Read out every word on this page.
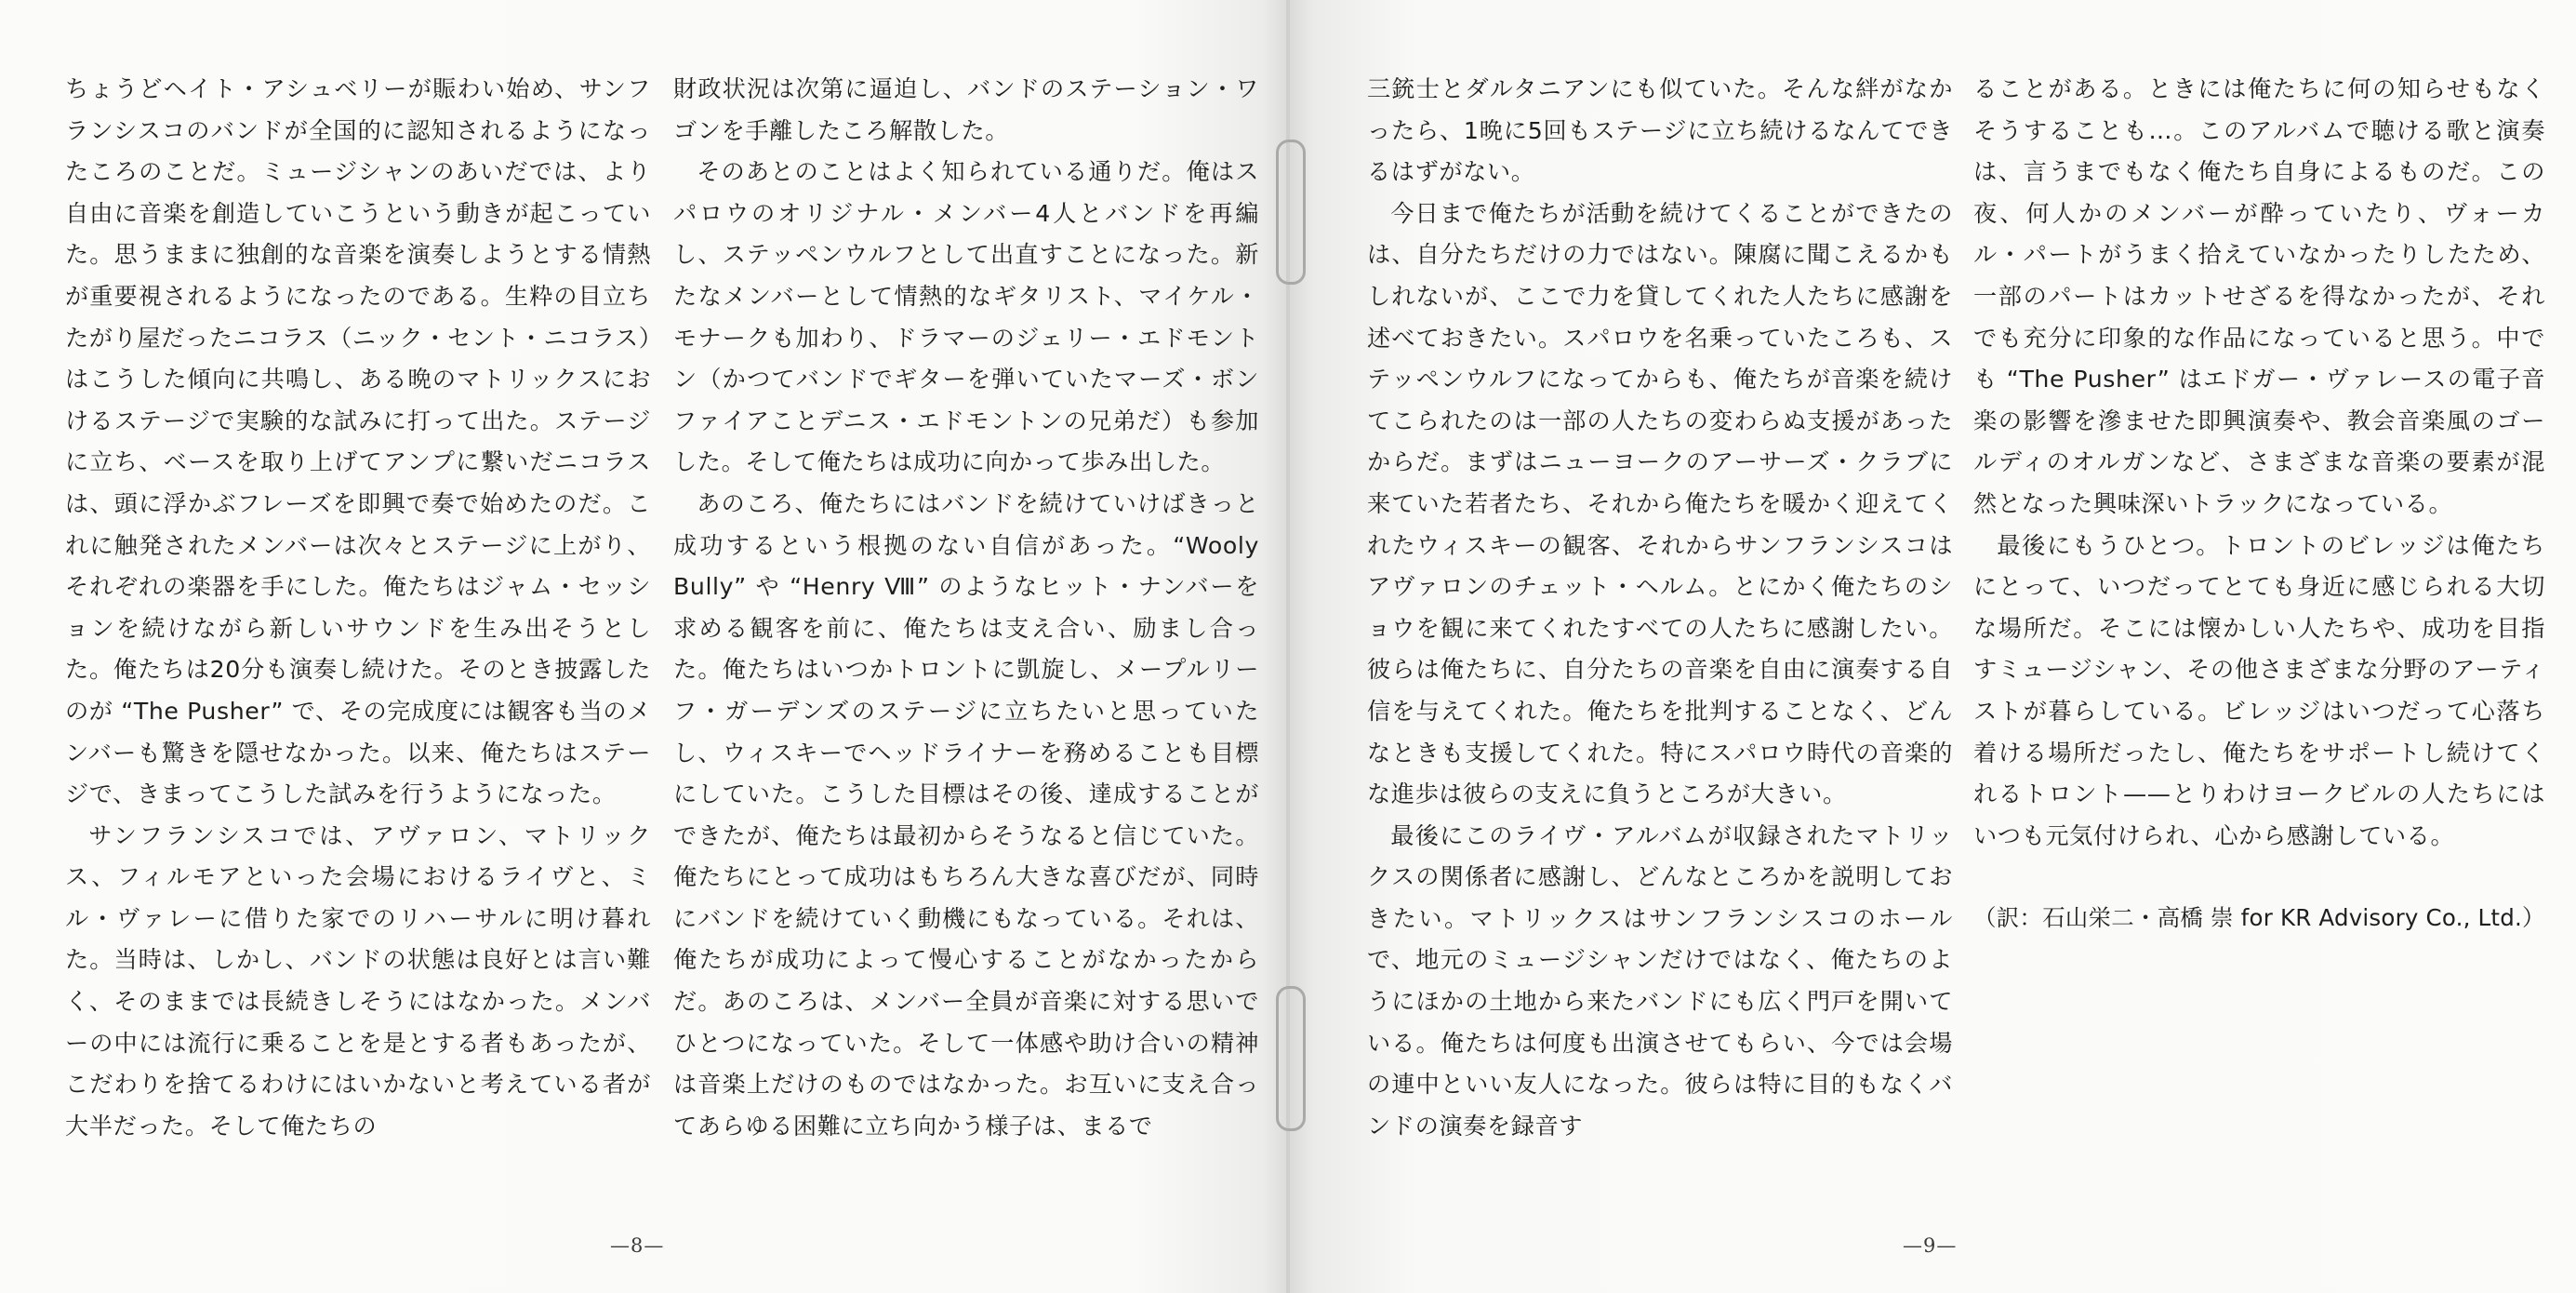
ちょうどヘイト・アシュベリーが賑わい始め、サンフランシスコのバンドが全国的に認知されるようになったころのことだ。ミュージシャンのあいだでは、より自由に音楽を創造していこうという動きが起こっていた。思うままに独創的な音楽を演奏しようとする情熱が重要視されるようになったのである。生粋の目立ちたがり屋だったニコラス（ニック・セント・ニコラス）はこうした傾向に共鳴し、ある晩のマトリックスにおけるステージで実験的な試みに打って出た。ステージに立ち、ベースを取り上げてアンプに繋いだニコラスは、頭に浮かぶフレーズを即興で奏で始めたのだ。これに触発されたメンバーは次々とステージに上がり、それぞれの楽器を手にした。俺たちはジャム・セッションを続けながら新しいサウンドを生み出そうとした。俺たちは20分も演奏し続けた。そのとき披露したのが “The Pusher” で、その完成度には観客も当のメンバーも驚きを隠せなかった。以来、俺たちはステージで、きまってこうした試みを行うようになった。

サンフランシスコでは、アヴァロン、マトリックス、フィルモアといった会場におけるライヴと、ミル・ヴァレーに借りた家でのリハーサルに明け暮れた。当時は、しかし、バンドの状態は良好とは言い難く、そのままでは長続きしそうにはなかった。メンバーの中には流行に乗ることを是とする者もあったが、こだわりを捨てるわけにはいかないと考えている者が大半だった。そして俺たちの

財政状況は次第に逼迫し、バンドのステーション・ワゴンを手離したころ解散した。

そのあとのことはよく知られている通りだ。俺はスパロウのオリジナル・メンバー4人とバンドを再編し、ステッペンウルフとして出直すことになった。新たなメンバーとして情熱的なギタリスト、マイケル・モナークも加わり、ドラマーのジェリー・エドモントン（かつてバンドでギターを弾いていたマーズ・ボンファイアことデニス・エドモントンの兄弟だ）も参加した。そして俺たちは成功に向かって歩み出した。

あのころ、俺たちにはバンドを続けていけばきっと成功するという根拠のない自信があった。“Wooly Bully” や “Henry Ⅷ” のようなヒット・ナンバーを求める観客を前に、俺たちは支え合い、励まし合った。俺たちはいつかトロントに凱旋し、メープルリーフ・ガーデンズのステージに立ちたいと思っていたし、ウィスキーでヘッドライナーを務めることも目標にしていた。こうした目標はその後、達成することができたが、俺たちは最初からそうなると信じていた。俺たちにとって成功はもちろん大きな喜びだが、同時にバンドを続けていく動機にもなっている。それは、俺たちが成功によって慢心することがなかったからだ。あのころは、メンバー全員が音楽に対する思いでひとつになっていた。そして一体感や助け合いの精神は音楽上だけのものではなかった。お互いに支え合ってあらゆる困難に立ち向かう様子は、まるで

—8—

三銃士とダルタニアンにも似ていた。そんな絆がなかったら、1晩に5回もステージに立ち続けるなんてできるはずがない。

今日まで俺たちが活動を続けてくることができたのは、自分たちだけの力ではない。陳腐に聞こえるかもしれないが、ここで力を貸してくれた人たちに感謝を述べておきたい。スパロウを名乗っていたころも、ステッペンウルフになってからも、俺たちが音楽を続けてこられたのは一部の人たちの変わらぬ支援があったからだ。まずはニューヨークのアーサーズ・クラブに来ていた若者たち、それから俺たちを暖かく迎えてくれたウィスキーの観客、それからサンフランシスコはアヴァロンのチェット・ヘルム。とにかく俺たちのショウを観に来てくれたすべての人たちに感謝したい。彼らは俺たちに、自分たちの音楽を自由に演奏する自信を与えてくれた。俺たちを批判することなく、どんなときも支援してくれた。特にスパロウ時代の音楽的な進歩は彼らの支えに負うところが大きい。

最後にこのライヴ・アルバムが収録されたマトリックスの関係者に感謝し、どんなところかを説明しておきたい。マトリックスはサンフランシスコのホールで、地元のミュージシャンだけではなく、俺たちのようにほかの土地から来たバンドにも広く門戸を開いている。俺たちは何度も出演させてもらい、今では会場の連中といい友人になった。彼らは特に目的もなくバンドの演奏を録音す

ることがある。ときには俺たちに何の知らせもなくそうすることも…。このアルバムで聴ける歌と演奏は、言うまでもなく俺たち自身によるものだ。この夜、何人かのメンバーが酔っていたり、ヴォーカル・パートがうまく拾えていなかったりしたため、一部のパートはカットせざるを得なかったが、それでも充分に印象的な作品になっていると思う。中でも “The Pusher” はエドガー・ヴァレースの電子音楽の影響を滲ませた即興演奏や、教会音楽風のゴールディのオルガンなど、さまざまな音楽の要素が混然となった興味深いトラックになっている。

最後にもうひとつ。トロントのビレッジは俺たちにとって、いつだってとても身近に感じられる大切な場所だ。そこには懐かしい人たちや、成功を目指すミュージシャン、その他さまざまな分野のアーティストが暮らしている。ビレッジはいつだって心落ち着ける場所だったし、俺たちをサポートし続けてくれるトロント——とりわけヨークビルの人たちにはいつも元気付けられ、心から感謝している。

（訳：石山栄二・高橋 崇 for KR Advisory Co., Ltd.）

—9—
